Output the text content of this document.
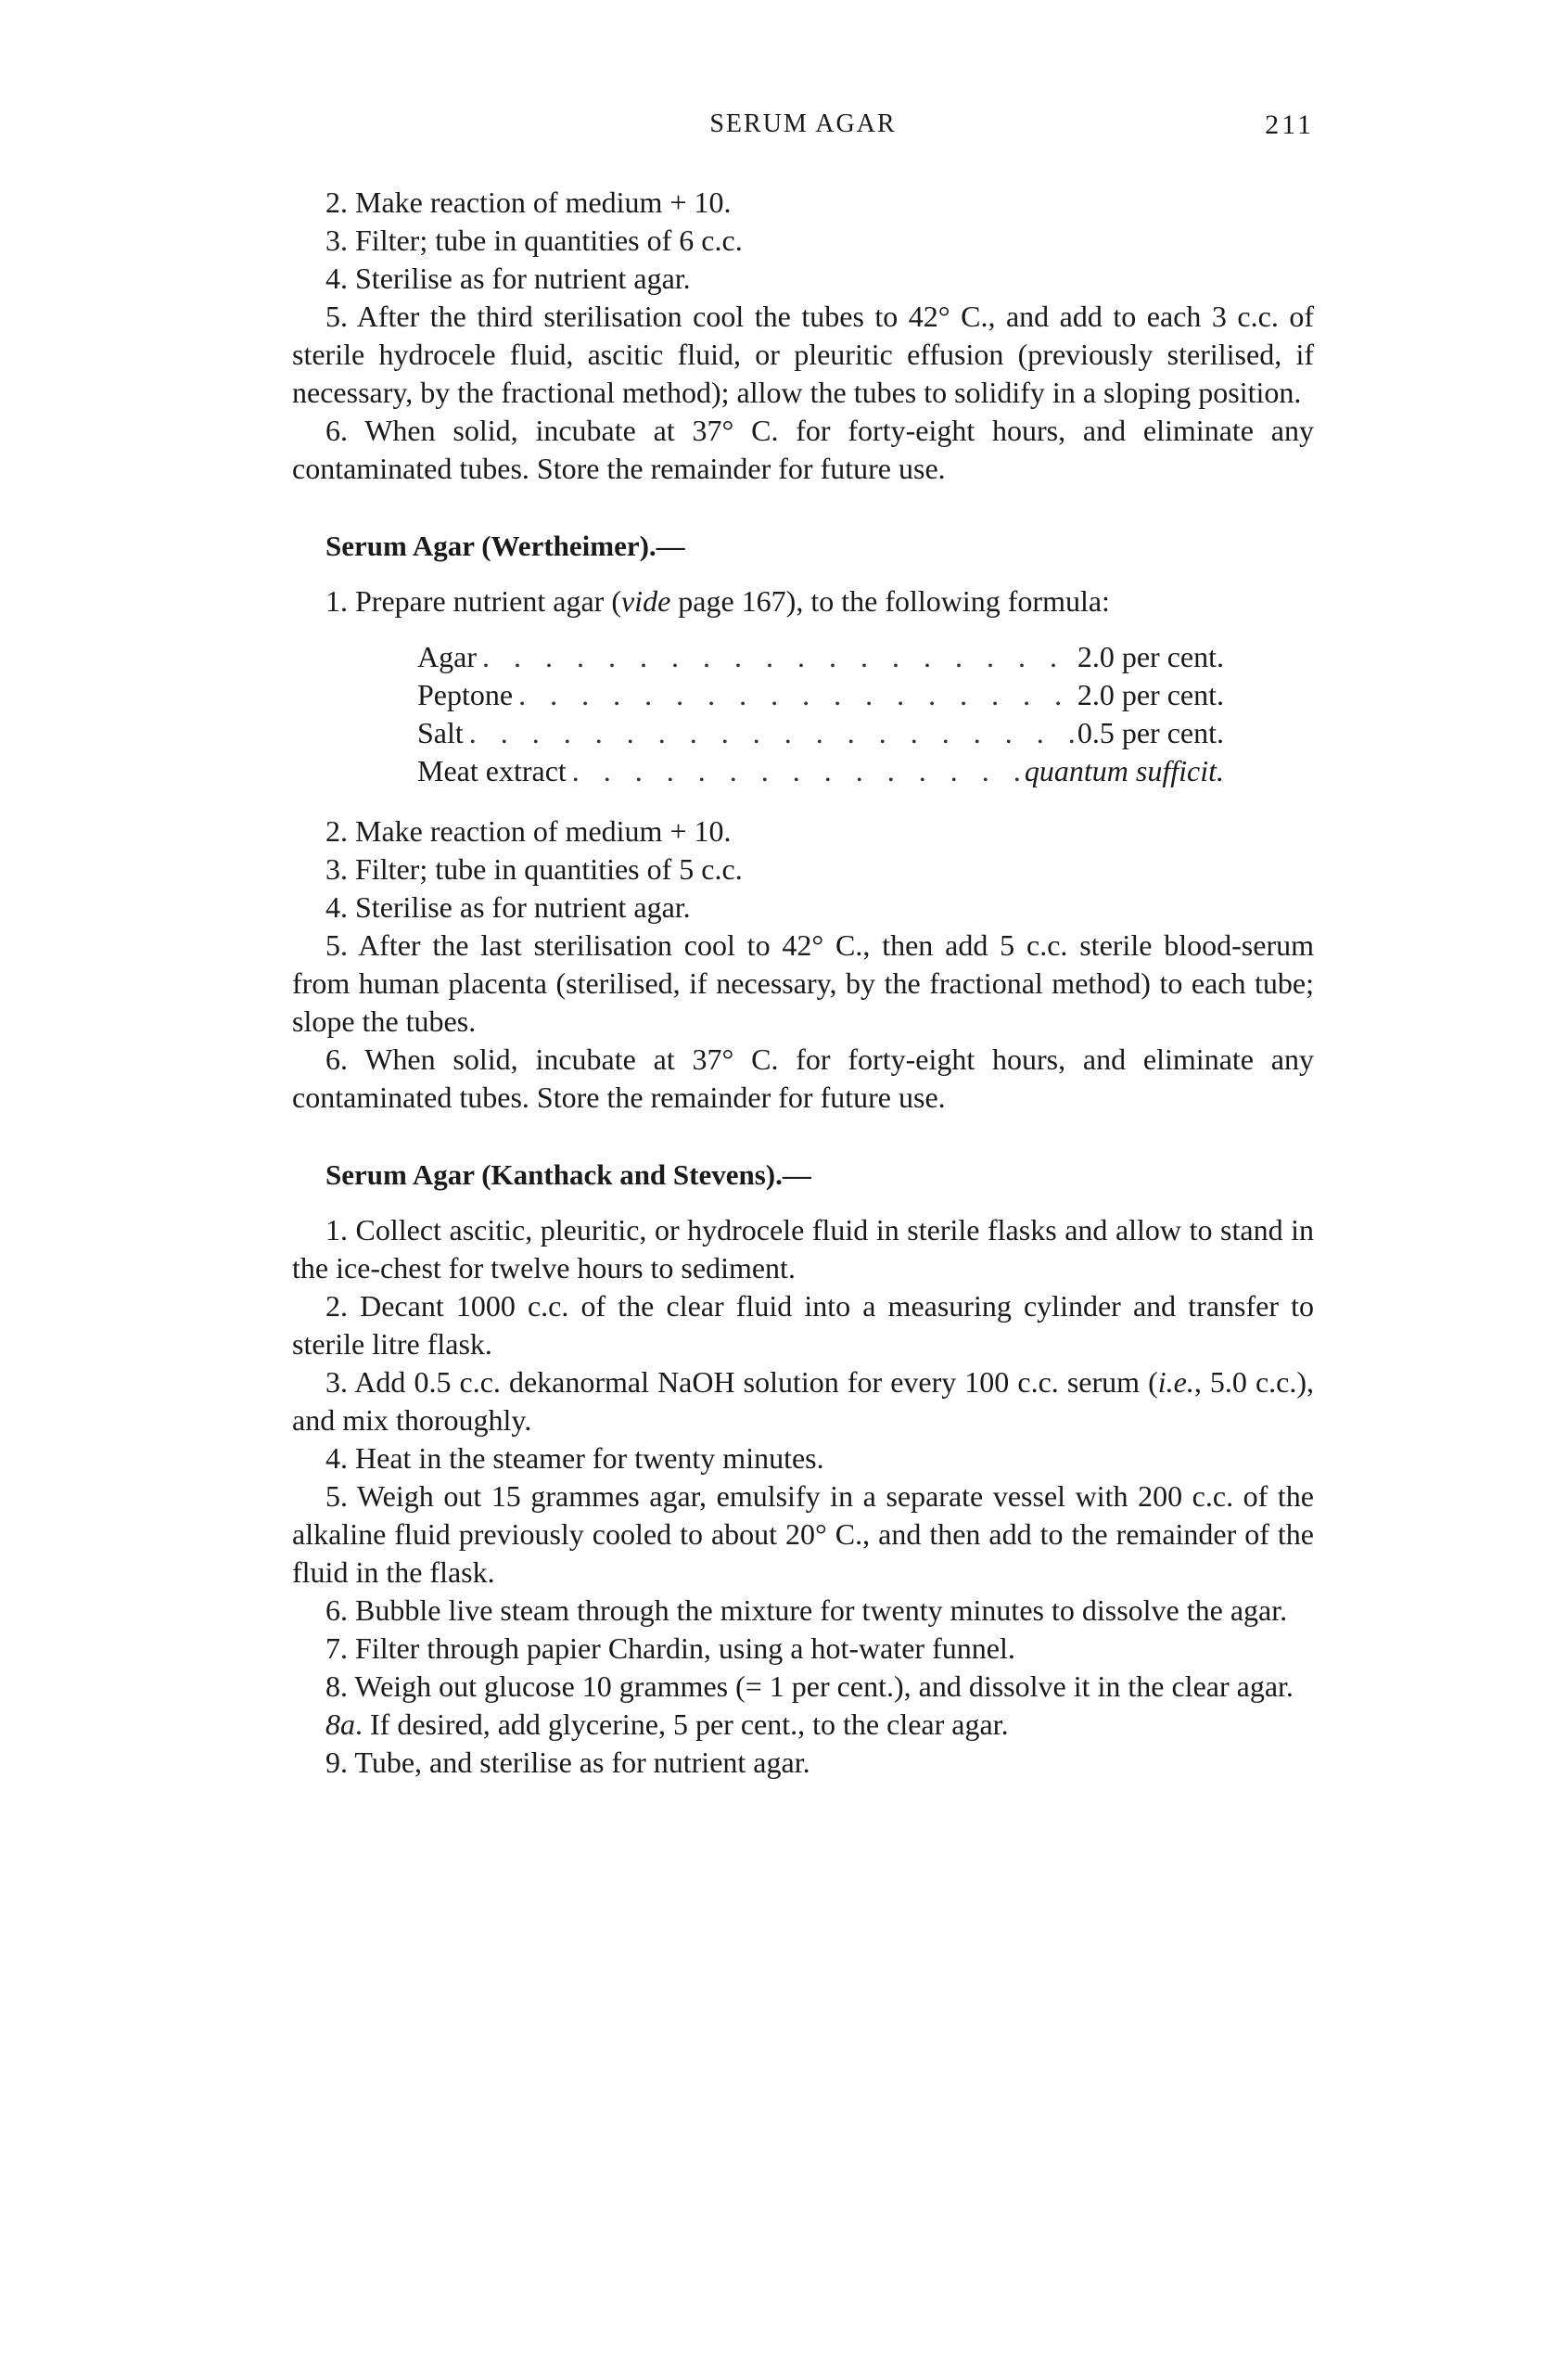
SERUM AGAR	211

2. Make reaction of medium + 10.

3. Filter; tube in quantities of 6 c.c.

4. Sterilise as for nutrient agar.

5. After the third sterilisation cool the tubes to 42° C., and add to each 3 c.c. of sterile hydrocele fluid, ascitic fluid, or pleuritic effusion (previously sterilised, if necessary, by the fractional method); allow the tubes to solidify in a sloping position.

6. When solid, incubate at 37° C. for forty-eight hours, and eliminate any contaminated tubes. Store the remainder for future use.

Serum Agar (Wertheimer).—

1. Prepare nutrient agar (vide page 167), to the following formula:

Agar . . .	2.0 per cent.
Peptone . . .	2.0 per cent.
Salt . . .	0.5 per cent.
Meat extract . . .	quantum sufficit.

2. Make reaction of medium + 10.

3. Filter; tube in quantities of 5 c.c.

4. Sterilise as for nutrient agar.

5. After the last sterilisation cool to 42° C., then add 5 c.c. sterile blood-serum from human placenta (sterilised, if necessary, by the fractional method) to each tube; slope the tubes.

6. When solid, incubate at 37° C. for forty-eight hours, and eliminate any contaminated tubes. Store the remainder for future use.

Serum Agar (Kanthack and Stevens).—

1. Collect ascitic, pleuritic, or hydrocele fluid in sterile flasks and allow to stand in the ice-chest for twelve hours to sediment.

2. Decant 1000 c.c. of the clear fluid into a measuring cylinder and transfer to sterile litre flask.

3. Add 0.5 c.c. dekanormal NaOH solution for every 100 c.c. serum (i.e., 5.0 c.c.), and mix thoroughly.

4. Heat in the steamer for twenty minutes.

5. Weigh out 15 grammes agar, emulsify in a separate vessel with 200 c.c. of the alkaline fluid previously cooled to about 20° C., and then add to the remainder of the fluid in the flask.

6. Bubble live steam through the mixture for twenty minutes to dissolve the agar.

7. Filter through papier Chardin, using a hot-water funnel.

8. Weigh out glucose 10 grammes (= 1 per cent.), and dissolve it in the clear agar.

8a. If desired, add glycerine, 5 per cent., to the clear agar.

9. Tube, and sterilise as for nutrient agar.
